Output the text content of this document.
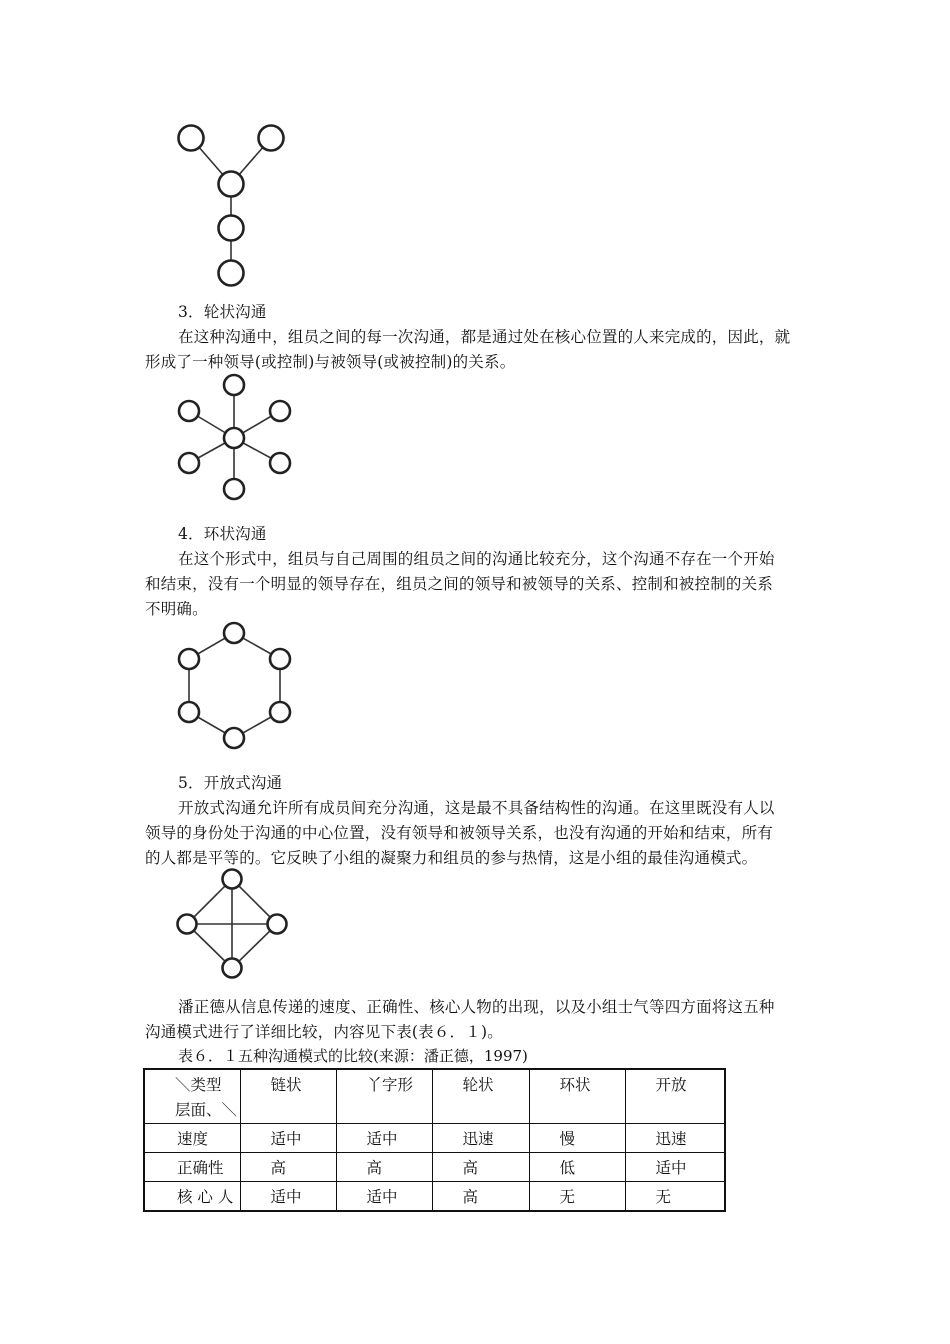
3．轮状沟通
在这种沟通中，组员之间的每一次沟通，都是通过处在核心位置的人来完成的，因此，就
形成了一种领导(或控制)与被领导(或被控制)的关系。
4．环状沟通
在这个形式中，组员与自己周围的组员之间的沟通比较充分，这个沟通不存在一个开始
和结束，没有一个明显的领导存在，组员之间的领导和被领导的关系、控制和被控制的关系
不明确。
5．开放式沟通
开放式沟通允许所有成员间充分沟通，这是最不具备结构性的沟通。在这里既没有人以
领导的身份处于沟通的中心位置，没有领导和被领导关系，也没有沟通的开始和结束，所有
的人都是平等的。它反映了小组的凝聚力和组员的参与热情，这是小组的最佳沟通模式。
潘正德从信息传递的速度、正确性、核心人物的出现，以及小组士气等四方面将这五种
沟通模式进行了详细比较，内容见下表(表６．１)。
表６．１五种沟通模式的比较(来源：潘正德，1997)
＼类型
层面、＼	链状	丫字形	轮状	环状	开放
速度	适中	适中	迅速	慢	迅速
正确性	高	高	高	低	适中
核 心 人	适中	适中	高	无	无
